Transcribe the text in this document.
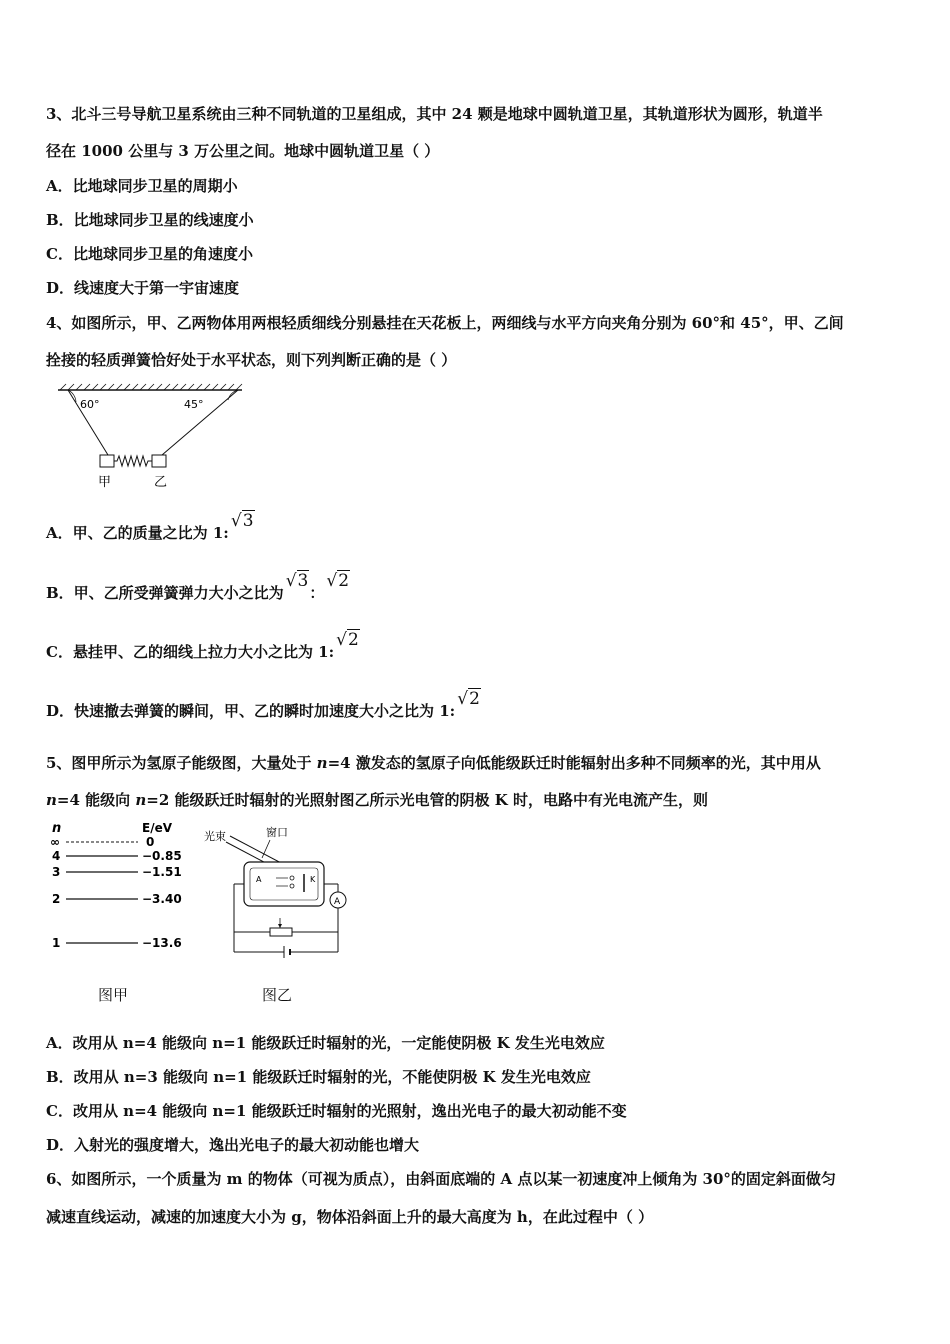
3、北斗三号导航卫星系统由三种不同轨道的卫星组成，其中 24 颗是地球中圆轨道卫星，其轨道形状为圆形，轨道半
径在 1000 公里与 3 万公里之间。地球中圆轨道卫星（ ）
A．比地球同步卫星的周期小
B．比地球同步卫星的线速度小
C．比地球同步卫星的角速度小
D．线速度大于第一宇宙速度
4、如图所示，甲、乙两物体用两根轻质细线分别悬挂在天花板上，两细线与水平方向夹角分别为 60°和 45°，甲、乙间
拴接的轻质弹簧恰好处于水平状态，则下列判断正确的是（ ）
60°	45°
甲	乙
A．甲、乙的质量之比为 1:√3
B．甲、乙所受弹簧弹力大小之比为√3：√2
C．悬挂甲、乙的细线上拉力大小之比为 1:√2
D．快速撤去弹簧的瞬间，甲、乙的瞬时加速度大小之比为 1:√2
5、图甲所示为氢原子能级图，大量处于 n=4 激发态的氢原子向低能级跃迁时能辐射出多种不同频率的光，其中用从
n=4 能级向 n=2 能级跃迁时辐射的光照射图乙所示光电管的阴极 K 时，电路中有光电流产生，则
n	E/eV
∞	0
4	−0.85
3	−1.51
2	−3.40
1	−13.6
图甲
光束	窗口
A	K
A
图乙
A．改用从 n=4 能级向 n=1 能级跃迁时辐射的光，一定能使阴极 K 发生光电效应
B．改用从 n=3 能级向 n=1 能级跃迁时辐射的光，不能使阴极 K 发生光电效应
C．改用从 n=4 能级向 n=1 能级跃迁时辐射的光照射，逸出光电子的最大初动能不变
D．入射光的强度增大，逸出光电子的最大初动能也增大
6、如图所示，一个质量为 m 的物体（可视为质点），由斜面底端的 A 点以某一初速度冲上倾角为 30°的固定斜面做匀
减速直线运动，减速的加速度大小为 g，物体沿斜面上升的最大高度为 h，在此过程中（ ）
